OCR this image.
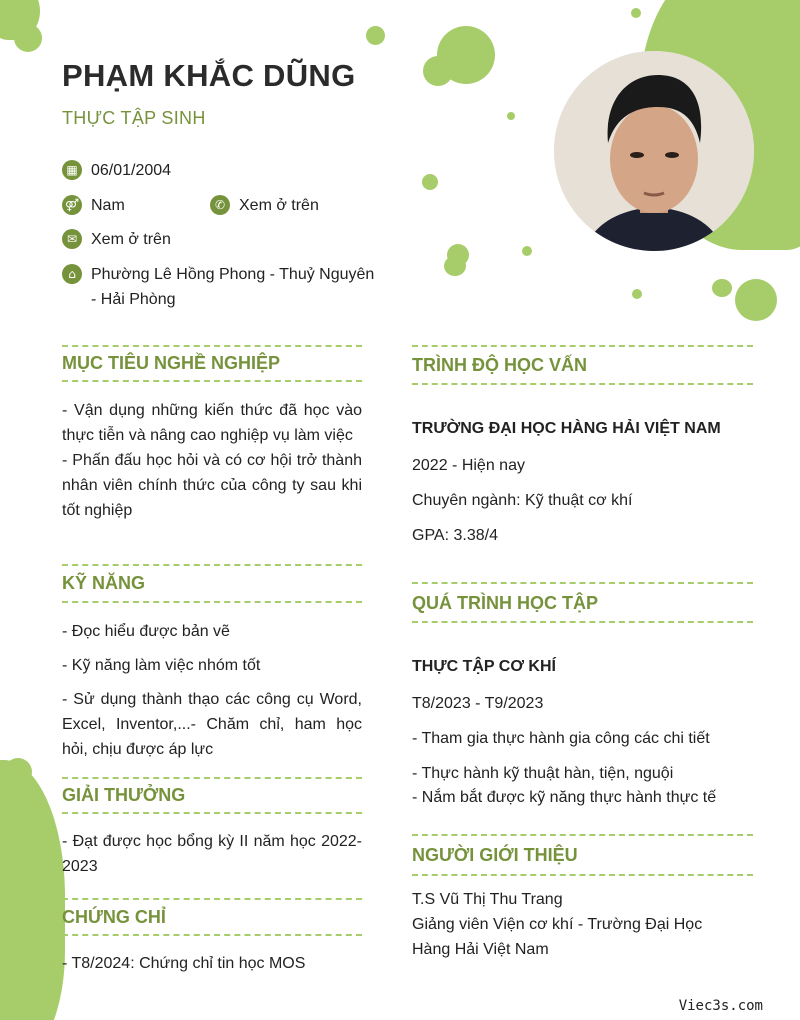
PHẠM KHẮC DŨNG
THỰC TẬP SINH
▦ 06/01/2004
⚤ Nam	✆ Xem ở trên
✉ Xem ở trên
⌂ Phường Lê Hồng Phong - Thuỷ Nguyên
- Hải Phòng
MỤC TIÊU NGHỀ NGHIỆP
- Vận dụng những kiến thức đã học vào thực tiễn và nâng cao nghiệp vụ làm việc
- Phấn đấu học hỏi và có cơ hội trở thành nhân viên chính thức của công ty sau khi tốt nghiệp
KỸ NĂNG
- Đọc hiểu được bản vẽ
- Kỹ năng làm việc nhóm tốt
- Sử dụng thành thạo các công cụ Word, Excel, Inventor,...- Chăm chỉ, ham học hỏi, chịu được áp lực
GIẢI THƯỞNG
- Đạt được học bổng kỳ II năm học 2022-2023
CHỨNG CHỈ
- T8/2024: Chứng chỉ tin học MOS
TRÌNH ĐỘ HỌC VẤN
TRƯỜNG ĐẠI HỌC HÀNG HẢI VIỆT NAM
2022 - Hiện nay
Chuyên ngành: Kỹ thuật cơ khí
GPA: 3.38/4
QUÁ TRÌNH HỌC TẬP
THỰC TẬP CƠ KHÍ
T8/2023 - T9/2023
- Tham gia thực hành gia công các chi tiết
- Thực hành kỹ thuật hàn, tiện, nguội
- Nắm bắt được kỹ năng thực hành thực tế
NGƯỜI GIỚI THIỆU
T.S Vũ Thị Thu Trang
Giảng viên Viện cơ khí - Trường Đại Học Hàng Hải Việt Nam
Viec3s.com
